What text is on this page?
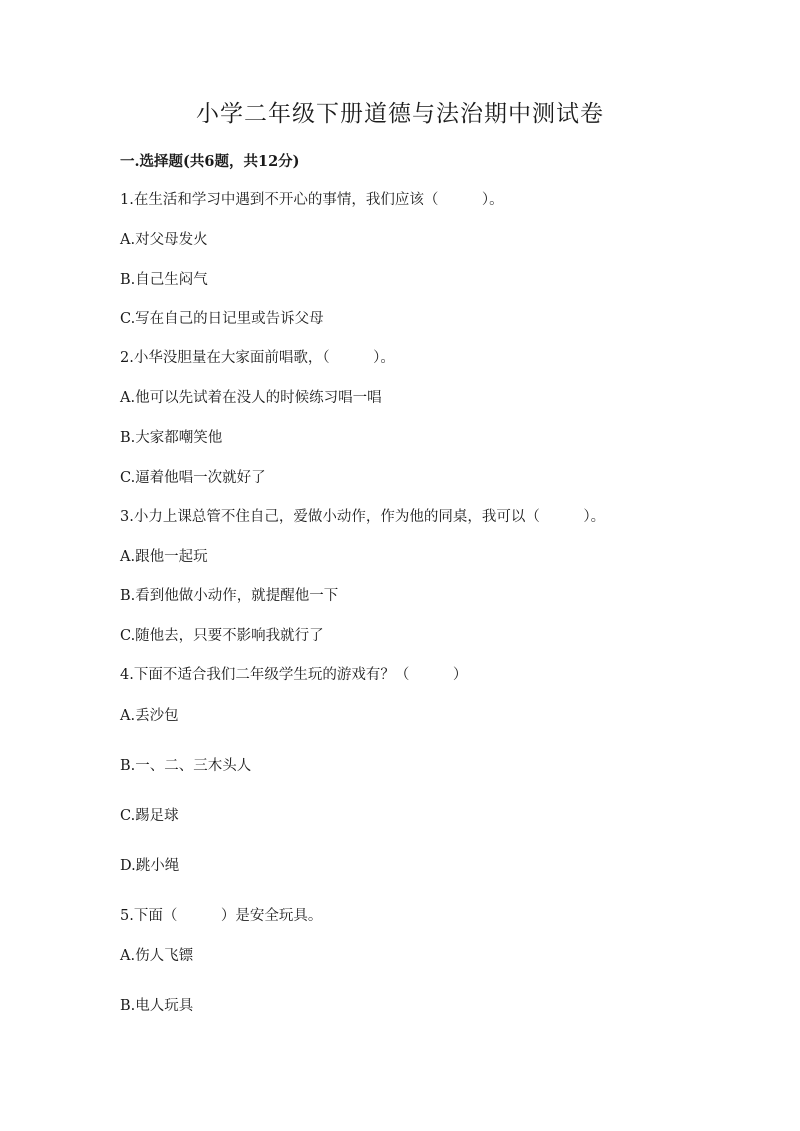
小学二年级下册道德与法治期中测试卷
一.选择题(共6题，共12分)
1.在生活和学习中遇到不开心的事情，我们应该（　　　）。
A.对父母发火
B.自己生闷气
C.写在自己的日记里或告诉父母
2.小华没胆量在大家面前唱歌，（　　　）。
A.他可以先试着在没人的时候练习唱一唱
B.大家都嘲笑他
C.逼着他唱一次就好了
3.小力上课总管不住自己，爱做小动作，作为他的同桌，我可以（　　　）。
A.跟他一起玩
B.看到他做小动作，就提醒他一下
C.随他去，只要不影响我就行了
4.下面不适合我们二年级学生玩的游戏有？（　　　）
A.丢沙包
B.一、二、三木头人
C.踢足球
D.跳小绳
5.下面（　　　）是安全玩具。
A.伤人飞镖
B.电人玩具
